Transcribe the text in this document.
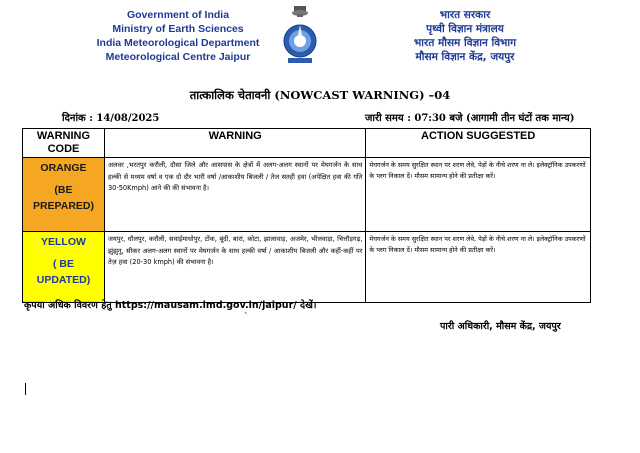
Government of India
Ministry of Earth Sciences
India Meteorological Department
Meteorological Centre Jaipur
भारत सरकार
पृथ्वी विज्ञान मंत्रालय
भारत मौसम विज्ञान विभाग
मौसम विज्ञान केंद्र, जयपुर
तात्कालिक चेतावनी (NOWCAST WARNING) –04
दिनांक : 14/08/2025	जारी समय : 07:30 बजे (आगामी तीन घंटों तक मान्य)
WARNING CODE	WARNING	ACTION SUGGESTED

ORANGE
(BE PREPARED)	अलवर ,भरतपुर करौली, दौसा जिले और आसपास के क्षेत्रों में अलग-अलग स्थानों पर मेघगर्जन के साथ हल्की से मध्यम वर्षा व एक दो दौर भारी वर्षा /आकाशीय बिजली / तेज सतही हवा (अपेक्षित हवा की गति 30-50Kmph) आने की की संभावना है।	मेघगर्जन के समय सुरक्षित स्थान पर शरण लेवे, पेड़ों के नीचे शरण ना ले। इलेक्ट्रॉनिक उपकरणों के प्लग निकाल दें। मौसम सामान्य होने की प्रतीक्षा करें।

YELLOW
( BE UPDATED)	जयपुर, धौलपुर, करौली, सवाईमाधोपुर, टोंक, बूंदी, बारां, कोटा, झालावाड़, अजमेर, भीलवाड़ा, चित्तौड़गढ़, झुंझुनू, सीकर अलग-अलग स्थानों पर मेघगर्जन के साथ हल्की वर्षा / आकाशीय बिजली और कहीं-कहीं पर तेज़ हवा (20-30 kmph) की संभावना है।	मेघगर्जन के समय सुरक्षित स्थान पर शरण लेवे, पेड़ों के नीचे शरण ना ले। इलेक्ट्रॉनिक उपकरणों के प्लग निकाल दें। मौसम सामान्य होने की प्रतीक्षा करें।
कृपया अधिक विवरण हेतु https://mausam.imd.gov.in/jaipur/ देखें।
`
पारी अधिकारी, मौसम केंद्र, जयपुर
